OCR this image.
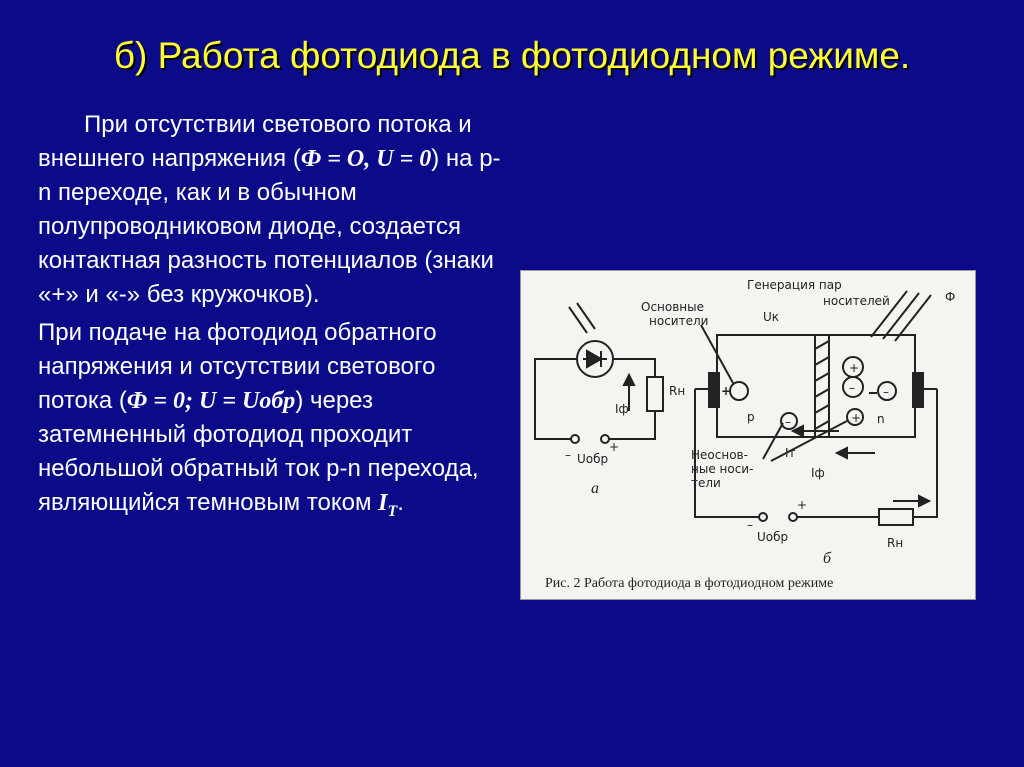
б) Работа фотодиода в фотодиодном режиме.

При отсутствии светового потока и внешнего напряжения (Ф = О, U = 0) на p-n переходе, как и в обычном полупроводниковом диоде, создается контактная разность потенциалов (знаки «+» и «-» без кружочков).

При подаче на фотодиод обратного напряжения и отсутствии светового потока (Ф = 0; U = Uобр) через затемненный фотодиод проходит небольшой обратный ток p-n перехода, являющийся темновым током $I_T$.

Iф
Rн
–
+
Uобр
а
+
+
– –
–	+
Генерация пар
носителей	Ф
Основные
носители	Uк
р	n
Неоснов-
ные носи-
тели
Iт
Iф
–
+
Uобр	Rн
б
Рис. 2 Работа фотодиода в фотодиодном режиме
